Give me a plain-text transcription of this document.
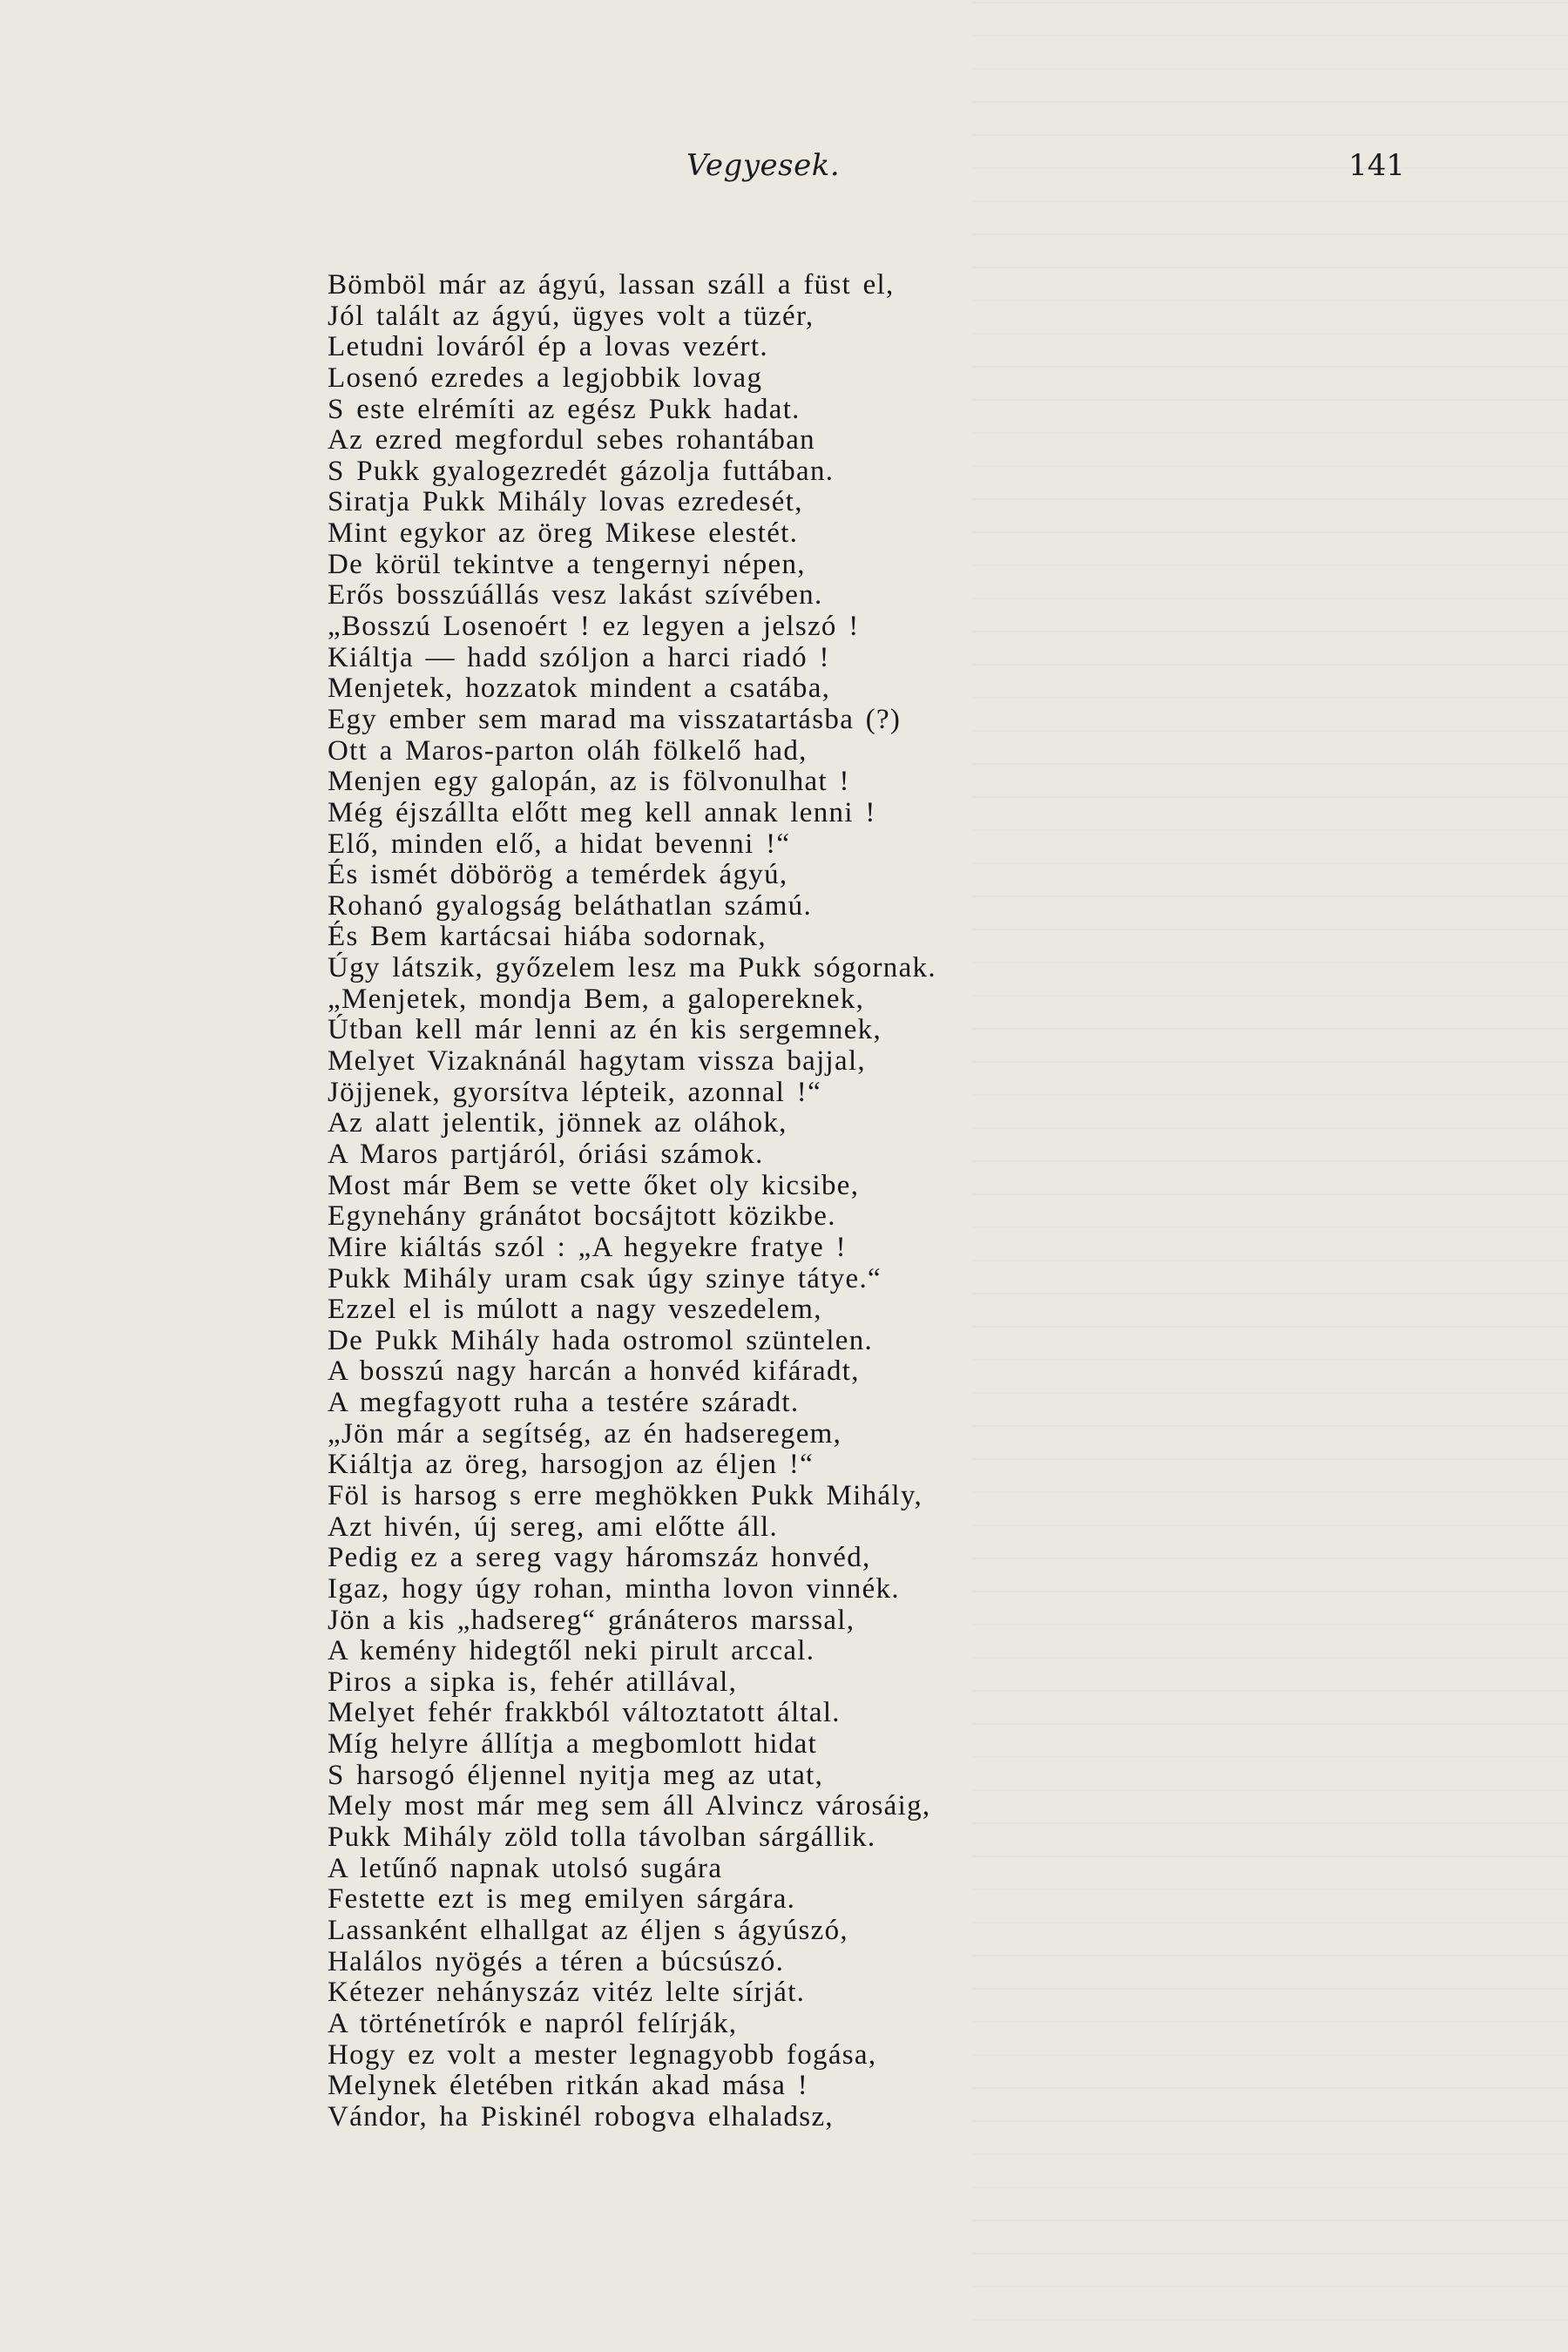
Vegyesek.	141
Bömböl már az ágyú, lassan száll a füst el,
Jól talált az ágyú, ügyes volt a tüzér,
Letudni lováról ép a lovas vezért.
Losenó ezredes a legjobbik lovag
S este elrémíti az egész Pukk hadat.
Az ezred megfordul sebes rohantában
S Pukk gyalogezredét gázolja futtában.
Siratja Pukk Mihály lovas ezredesét,
Mint egykor az öreg Mikese elestét.
De körül tekintve a tengernyi népen,
Erős bosszúállás vesz lakást szívében.
„Bosszú Losenoért ! ez legyen a jelszó !
Kiáltja — hadd szóljon a harci riadó !
Menjetek, hozzatok mindent a csatába,
Egy ember sem marad ma visszatartásba (?)
Ott a Maros-parton oláh fölkelő had,
Menjen egy galopán, az is fölvonulhat !
Még éjszállta előtt meg kell annak lenni !
Elő, minden elő, a hidat bevenni !“
És ismét döbörög a temérdek ágyú,
Rohanó gyalogság beláthatlan számú.
És Bem kartácsai hiába sodornak,
Úgy látszik, győzelem lesz ma Pukk sógornak.
„Menjetek, mondja Bem, a galopereknek,
Útban kell már lenni az én kis sergemnek,
Melyet Vizaknánál hagytam vissza bajjal,
Jöjjenek, gyorsítva lépteik, azonnal !“
Az alatt jelentik, jönnek az oláhok,
A Maros partjáról, óriási számok.
Most már Bem se vette őket oly kicsibe,
Egynehány gránátot bocsájtott közikbe.
Mire kiáltás szól : „A hegyekre fratye !
Pukk Mihály uram csak úgy szinye tátye.“
Ezzel el is múlott a nagy veszedelem,
De Pukk Mihály hada ostromol szüntelen.
A bosszú nagy harcán a honvéd kifáradt,
A megfagyott ruha a testére száradt.
„Jön már a segítség, az én hadseregem,
Kiáltja az öreg, harsogjon az éljen !“
Föl is harsog s erre meghökken Pukk Mihály,
Azt hivén, új sereg, ami előtte áll.
Pedig ez a sereg vagy háromszáz honvéd,
Igaz, hogy úgy rohan, mintha lovon vinnék.
Jön a kis „hadsereg“ gránáteros marssal,
A kemény hidegtől neki pirult arccal.
Piros a sipka is, fehér atillával,
Melyet fehér frakkból változtatott által.
Míg helyre állítja a megbomlott hidat
S harsogó éljennel nyitja meg az utat,
Mely most már meg sem áll Alvincz városáig,
Pukk Mihály zöld tolla távolban sárgállik.
A letűnő napnak utolsó sugára
Festette ezt is meg emilyen sárgára.
Lassanként elhallgat az éljen s ágyúszó,
Halálos nyögés a téren a búcsúszó.
Kétezer nehányszáz vitéz lelte sírját.
A történetírók e napról felírják,
Hogy ez volt a mester legnagyobb fogása,
Melynek életében ritkán akad mása !
Vándor, ha Piskinél robogva elhaladsz,
